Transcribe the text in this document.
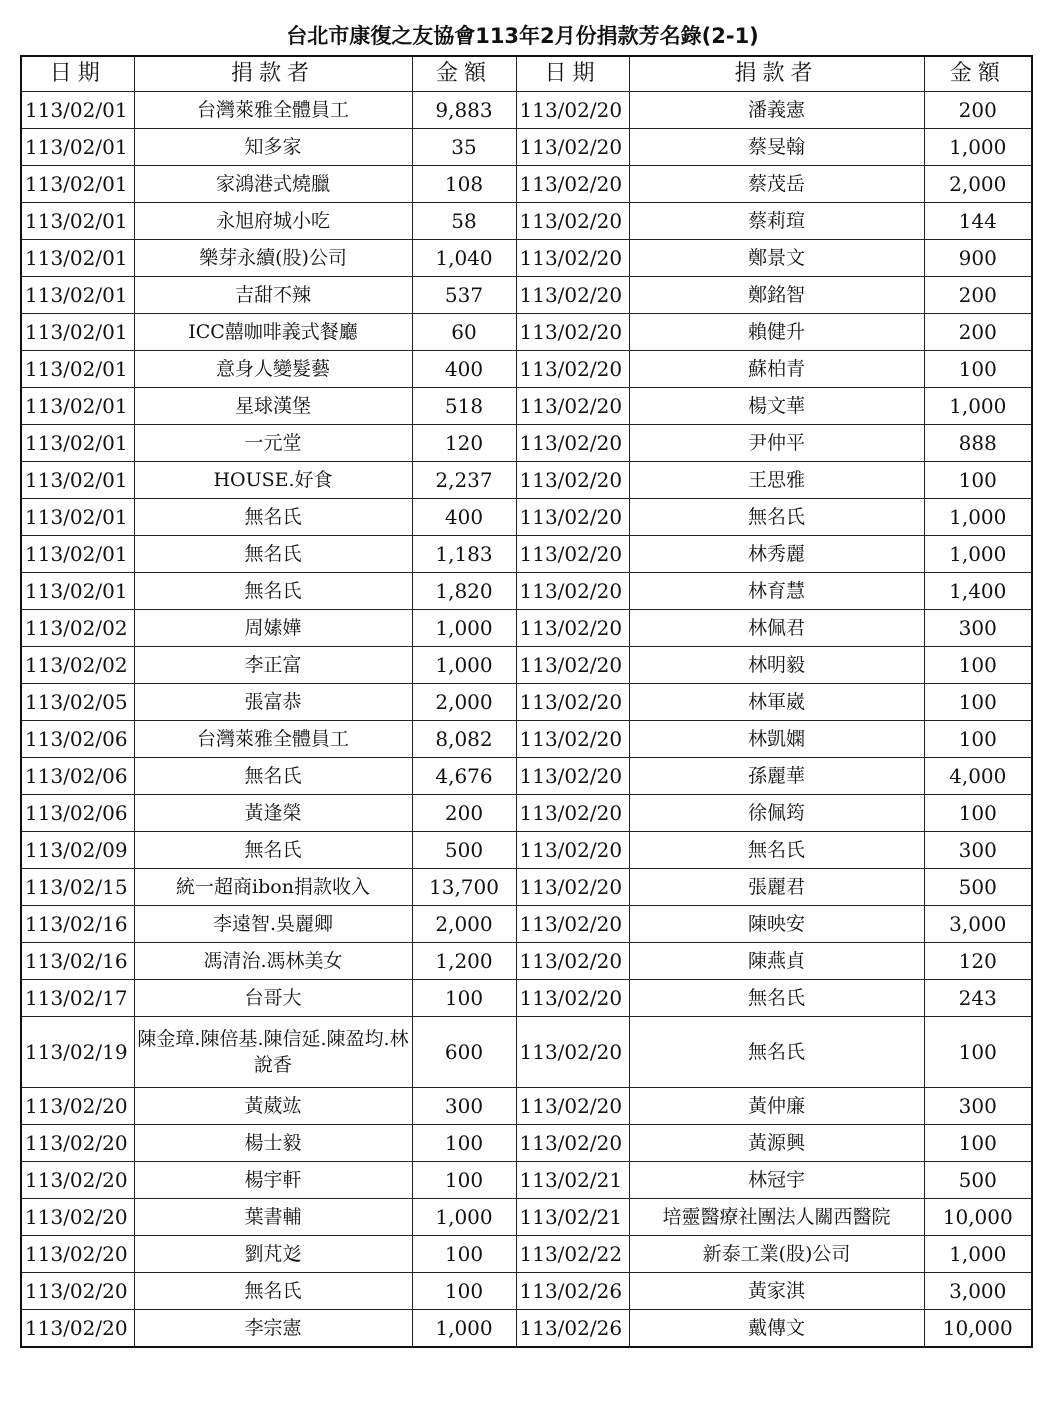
台北市康復之友協會113年2月份捐款芳名錄(2-1)
日期	捐款者	金額	日期	捐款者	金額
113/02/01	台灣萊雅全體員工	9,883	113/02/20	潘義憲	200
113/02/01	知多家	35	113/02/20	蔡旻翰	1,000
113/02/01	家鴻港式燒臘	108	113/02/20	蔡茂岳	2,000
113/02/01	永旭府城小吃	58	113/02/20	蔡莉瑄	144
113/02/01	樂芽永續(股)公司	1,040	113/02/20	鄭景文	900
113/02/01	吉甜不辣	537	113/02/20	鄭銘智	200
113/02/01	ICC囍咖啡義式餐廳	60	113/02/20	賴健升	200
113/02/01	意身人變髮藝	400	113/02/20	蘇柏青	100
113/02/01	星球漢堡	518	113/02/20	楊文華	1,000
113/02/01	一元堂	120	113/02/20	尹仲平	888
113/02/01	HOUSE.好食	2,237	113/02/20	王思雅	100
113/02/01	無名氏	400	113/02/20	無名氏	1,000
113/02/01	無名氏	1,183	113/02/20	林秀麗	1,000
113/02/01	無名氏	1,820	113/02/20	林育慧	1,400
113/02/02	周嫊嬅	1,000	113/02/20	林佩君	300
113/02/02	李正富	1,000	113/02/20	林明毅	100
113/02/05	張富恭	2,000	113/02/20	林軍崴	100
113/02/06	台灣萊雅全體員工	8,082	113/02/20	林凱嫻	100
113/02/06	無名氏	4,676	113/02/20	孫麗華	4,000
113/02/06	黃逢榮	200	113/02/20	徐佩筠	100
113/02/09	無名氏	500	113/02/20	無名氏	300
113/02/15	統一超商ibon捐款收入	13,700	113/02/20	張麗君	500
113/02/16	李遠智.吳麗卿	2,000	113/02/20	陳映安	3,000
113/02/16	馮清治.馮林美女	1,200	113/02/20	陳燕貞	120
113/02/17	台哥大	100	113/02/20	無名氏	243
113/02/19	陳金璋.陳倍基.陳信延.陳盈均.林說香	600	113/02/20	無名氏	100
113/02/20	黃葳竑	300	113/02/20	黃仲廉	300
113/02/20	楊士毅	100	113/02/20	黃源興	100
113/02/20	楊宇軒	100	113/02/21	林冠宇	500
113/02/20	葉書輔	1,000	113/02/21	培靈醫療社團法人關西醫院	10,000
113/02/20	劉芃彣	100	113/02/22	新泰工業(股)公司	1,000
113/02/20	無名氏	100	113/02/26	黃家淇	3,000
113/02/20	李宗憲	1,000	113/02/26	戴傳文	10,000
